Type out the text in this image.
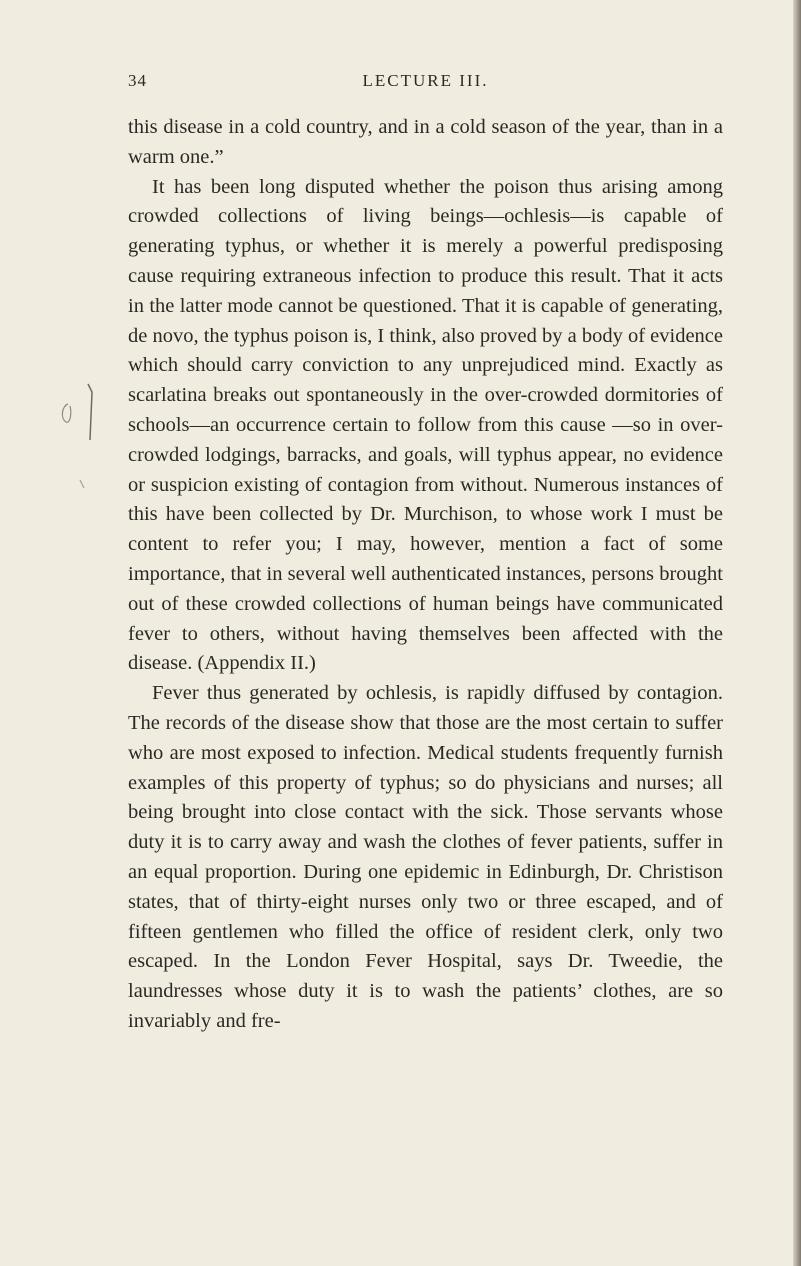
34	LECTURE III.

this disease in a cold country, and in a cold season of the year, than in a warm one.”

It has been long disputed whether the poison thus arising among crowded collections of living beings—ochlesis—is capable of generating typhus, or whether it is merely a powerful predisposing cause requiring extraneous infection to produce this result. That it acts in the latter mode cannot be questioned. That it is capable of generating, de novo, the typhus poison is, I think, also proved by a body of evidence which should carry conviction to any unprejudiced mind. Exactly as scarlatina breaks out spontaneously in the over-crowded dormitories of schools—an occurrence certain to follow from this cause —so in over-crowded lodgings, barracks, and goals, will typhus appear, no evidence or suspicion existing of contagion from without. Numerous instances of this have been collected by Dr. Murchison, to whose work I must be content to refer you; I may, however, mention a fact of some importance, that in several well authenticated instances, persons brought out of these crowded collections of human beings have communicated fever to others, without having themselves been affected with the disease. (Appendix II.)

Fever thus generated by ochlesis, is rapidly diffused by contagion. The records of the disease show that those are the most certain to suffer who are most exposed to infection. Medical students frequently furnish examples of this property of typhus; so do physicians and nurses; all being brought into close contact with the sick. Those servants whose duty it is to carry away and wash the clothes of fever patients, suffer in an equal proportion. During one epidemic in Edinburgh, Dr. Christison states, that of thirty-eight nurses only two or three escaped, and of fifteen gentlemen who filled the office of resident clerk, only two escaped. In the London Fever Hospital, says Dr. Tweedie, the laundresses whose duty it is to wash the patients’ clothes, are so invariably and fre-
